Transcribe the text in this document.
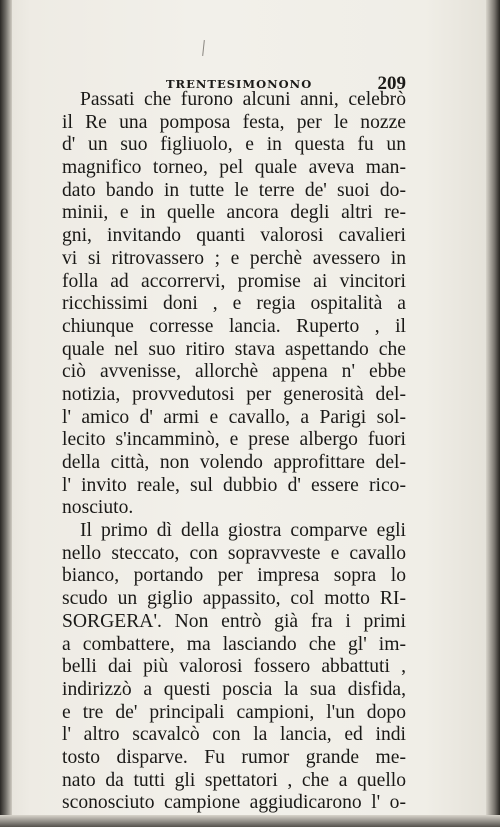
TRENTESIMONONO	209
Passati che furono alcuni anni, celebrò
il Re una pomposa festa, per le nozze
d' un suo figliuolo, e in questa fu un
magnifico torneo, pel quale aveva man-
dato bando in tutte le terre de' suoi do-
minii, e in quelle ancora degli altri re-
gni, invitando quanti valorosi cavalieri
vi si ritrovassero ; e perchè avessero in
folla ad accorrervi, promise ai vincitori
ricchissimi doni , e regia ospitalità a
chiunque corresse lancia. Ruperto , il
quale nel suo ritiro stava aspettando che
ciò avvenisse, allorchè appena n' ebbe
notizia, provvedutosi per generosità del-
l' amico d' armi e cavallo, a Parigi sol-
lecito s'incamminò, e prese albergo fuori
della città, non volendo approfittare del-
l' invito reale, sul dubbio d' essere rico-
nosciuto.
Il primo dì della giostra comparve egli
nello steccato, con sopravveste e cavallo
bianco, portando per impresa sopra lo
scudo un giglio appassito, col motto RI-
SORGERA'. Non entrò già fra i primi
a combattere, ma lasciando che gl' im-
belli dai più valorosi fossero abbattuti ,
indirizzò a questi poscia la sua disfida,
e tre de' principali campioni, l'un dopo
l' altro scavalcò con la lancia, ed indi
tosto disparve. Fu rumor grande me-
nato da tutti gli spettatori , che a quello
sconosciuto campione aggiudicarono l' o-
